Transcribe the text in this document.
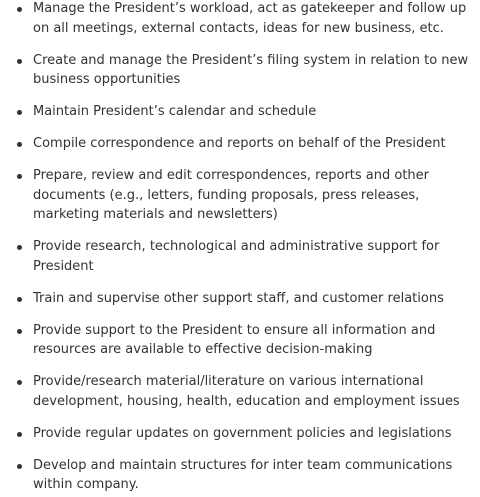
Manage the President’s workload, act as gatekeeper and follow up on all meetings, external contacts, ideas for new business, etc.
Create and manage the President’s filing system in relation to new business opportunities
Maintain President’s calendar and schedule
Compile correspondence and reports on behalf of the President
Prepare, review and edit correspondences, reports and other documents (e.g., letters, funding proposals, press releases, marketing materials and newsletters)
Provide research, technological and administrative support for President
Train and supervise other support staff, and customer relations
Provide support to the President to ensure all information and resources are available to effective decision-making
Provide/research material/literature on various international development, housing, health, education and employment issues
Provide regular updates on government policies and legislations
Develop and maintain structures for inter team communications within company.
